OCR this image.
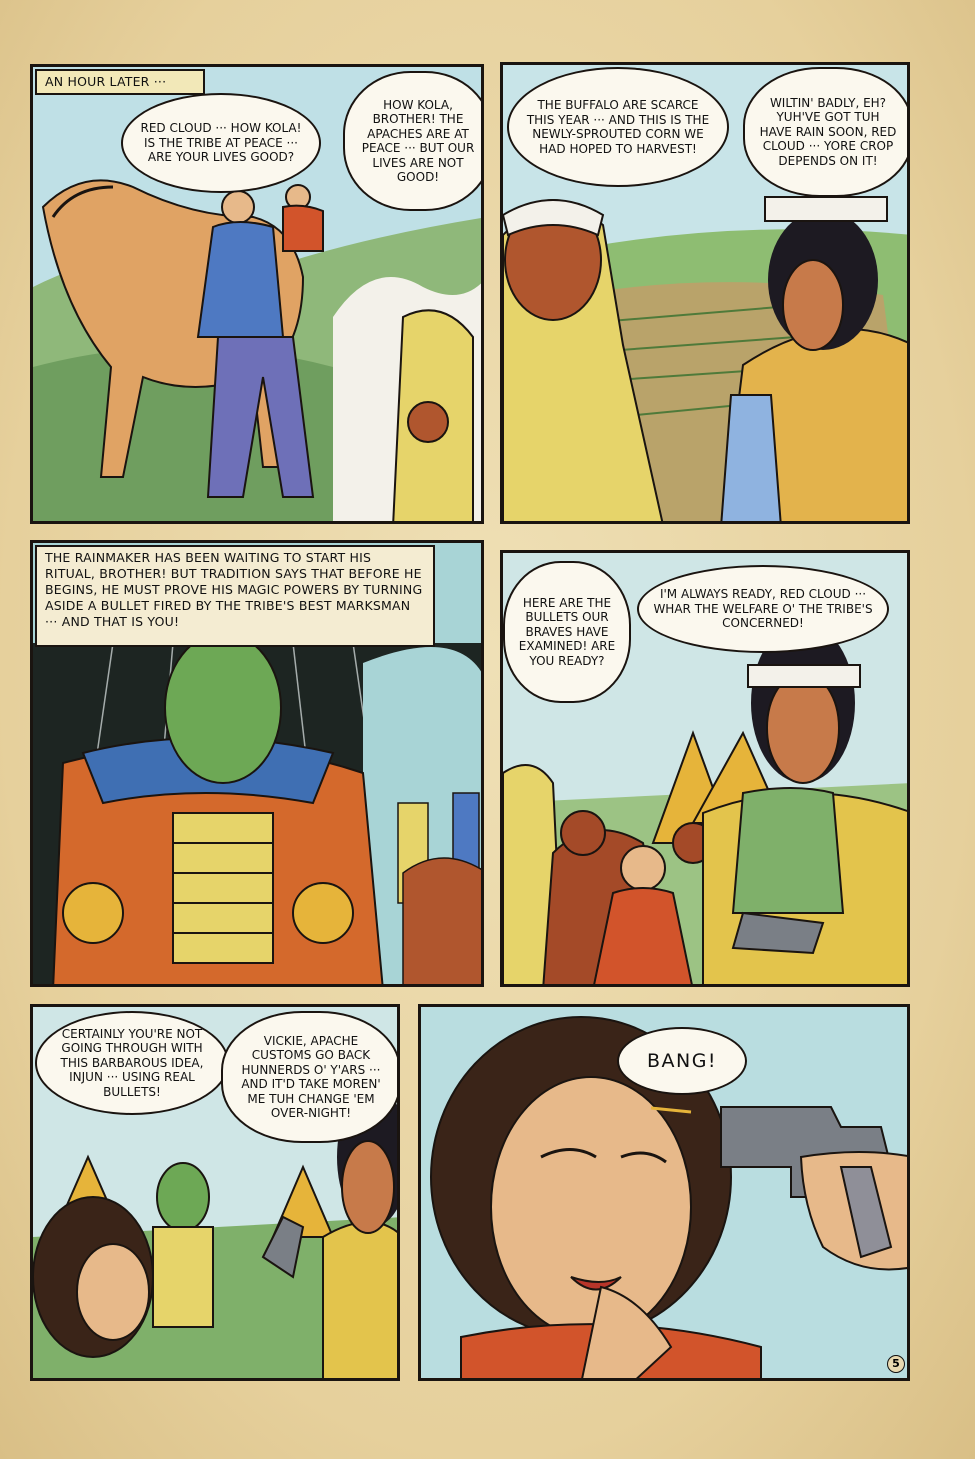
AN HOUR LATER ···
RED CLOUD ··· HOW KOLA! IS THE TRIBE AT PEACE ··· ARE YOUR LIVES GOOD?
HOW KOLA, BROTHER! THE APACHES ARE AT PEACE ··· BUT OUR LIVES ARE NOT GOOD!
THE BUFFALO ARE SCARCE THIS YEAR ··· AND THIS IS THE NEWLY-SPROUTED CORN WE HAD HOPED TO HARVEST!
WILTIN' BADLY, EH? YUH'VE GOT TUH HAVE RAIN SOON, RED CLOUD ··· YORE CROP DEPENDS ON IT!
THE RAINMAKER HAS BEEN WAITING TO START HIS RITUAL, BROTHER! BUT TRADITION SAYS THAT BEFORE HE BEGINS, HE MUST PROVE HIS MAGIC POWERS BY TURNING ASIDE A BULLET FIRED BY THE TRIBE'S BEST MARKSMAN ··· AND THAT IS YOU!
HERE ARE THE BULLETS OUR BRAVES HAVE EXAMINED! ARE YOU READY?
I'M ALWAYS READY, RED CLOUD ··· WHAR THE WELFARE O' THE TRIBE'S CONCERNED!
CERTAINLY YOU'RE NOT GOING THROUGH WITH THIS BARBAROUS IDEA, INJUN ··· USING REAL BULLETS!
VICKIE, APACHE CUSTOMS GO BACK HUNNERDS O' Y'ARS ··· AND IT'D TAKE MOREN' ME TUH CHANGE 'EM OVER-NIGHT!
BANG!
5
